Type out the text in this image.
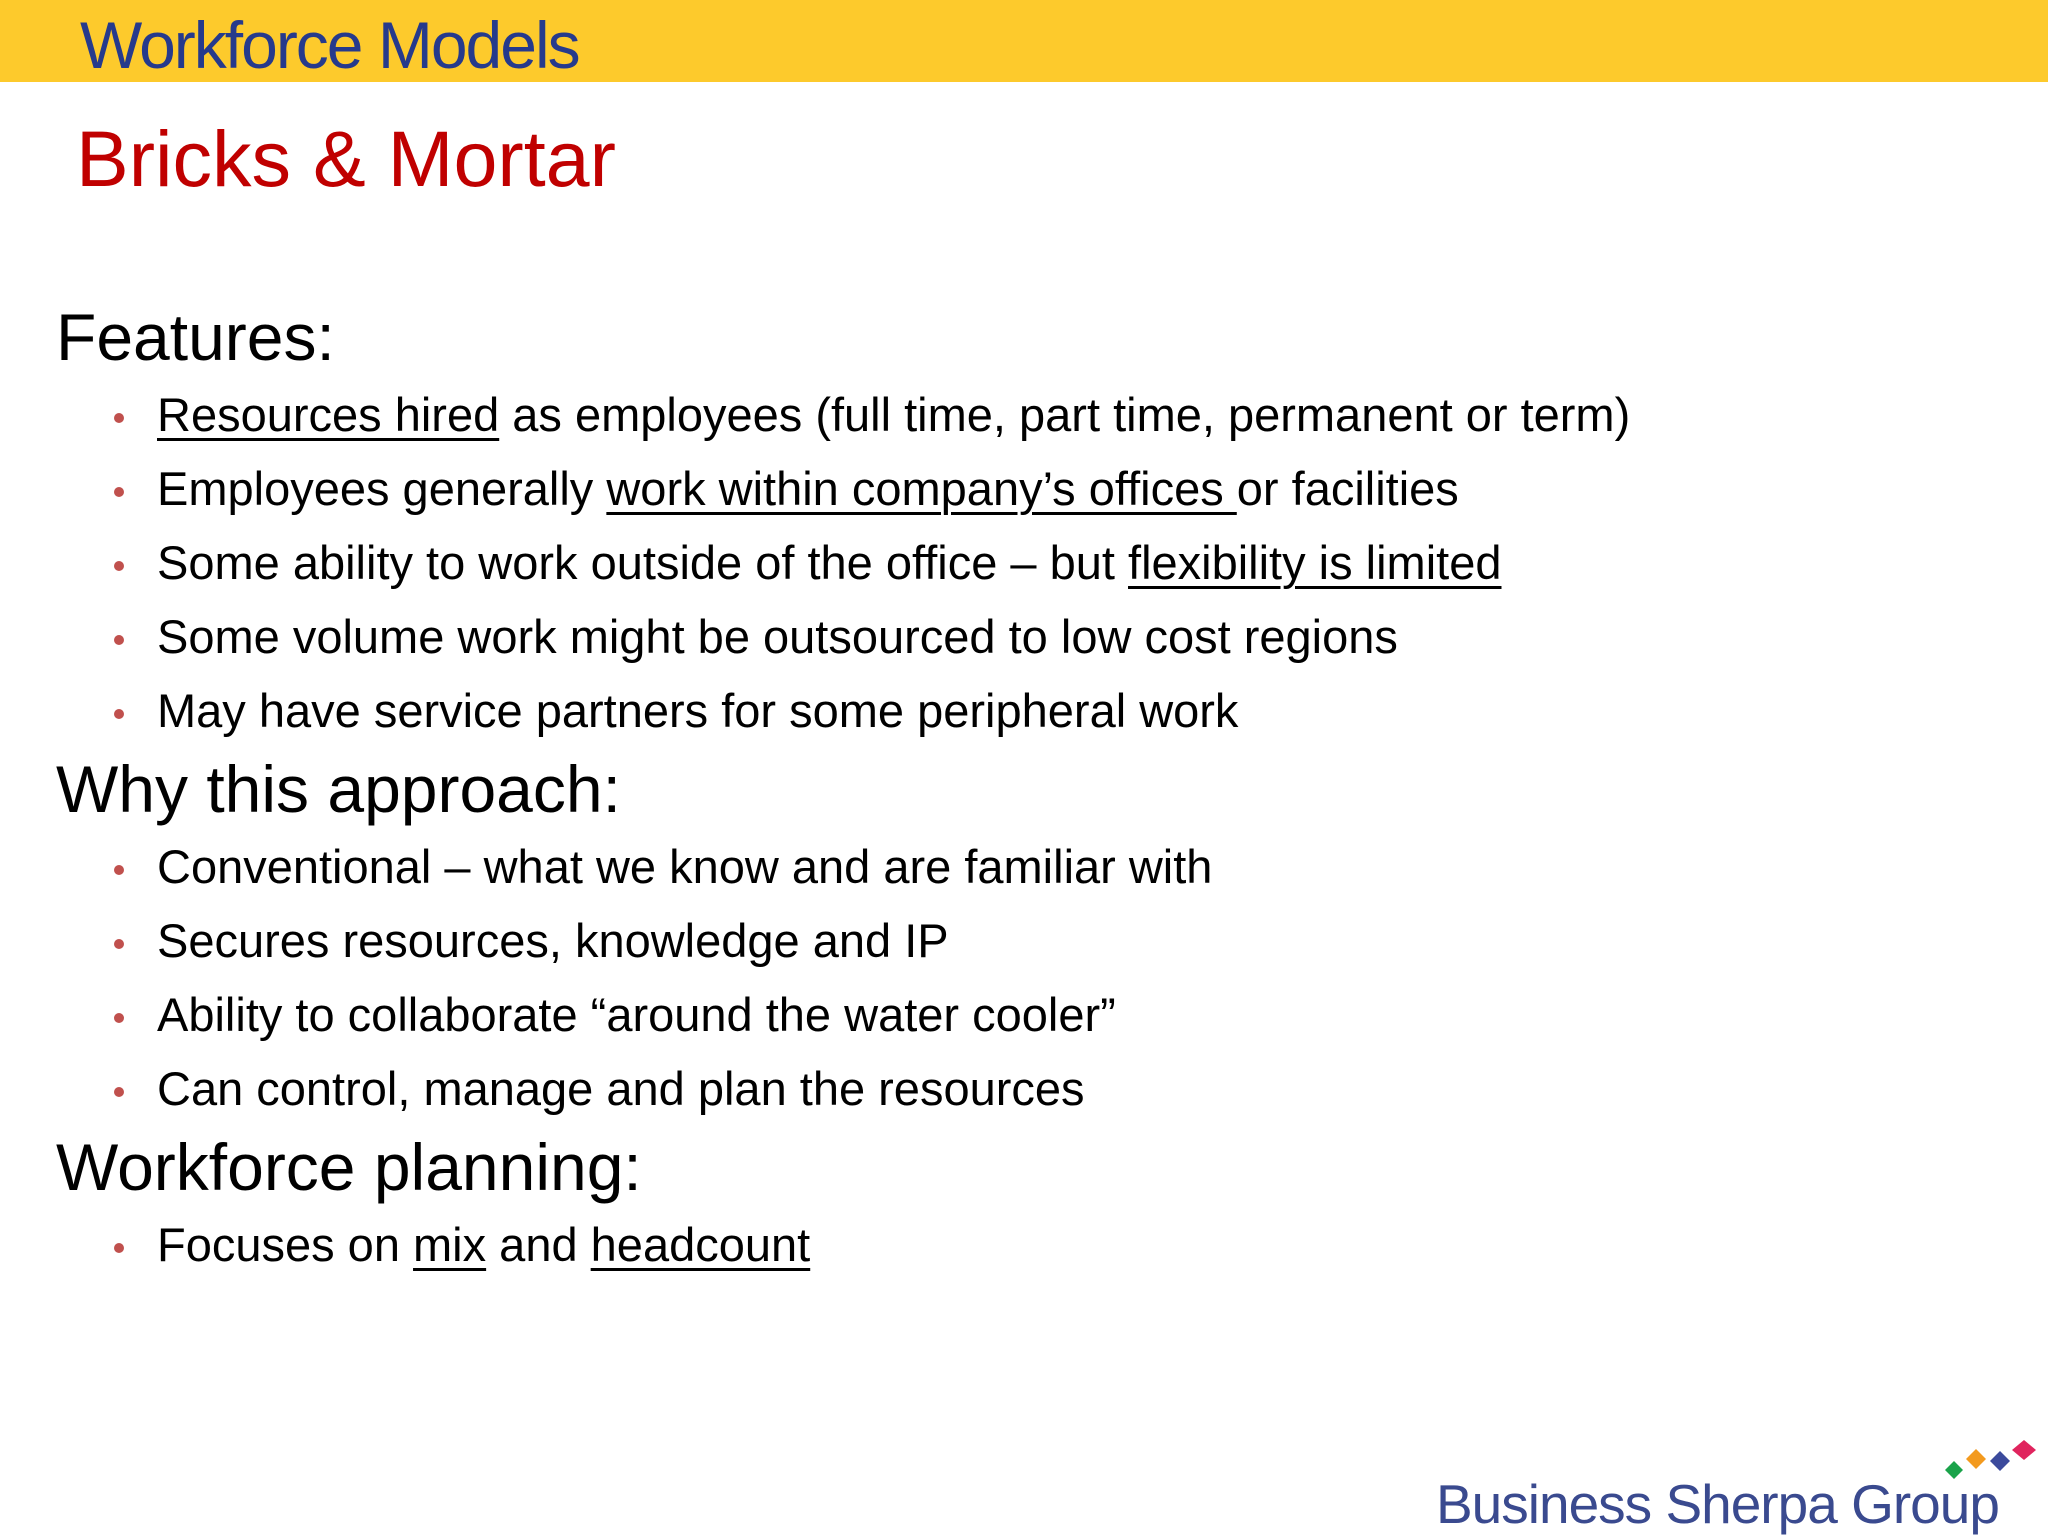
Workforce Models
Bricks & Mortar
Features:
Resources hired as employees (full time, part time, permanent or term)
Employees generally work within company’s offices or facilities
Some ability to work outside of the office – but flexibility is limited
Some volume work might be outsourced to low cost regions
May have service partners for some peripheral work
Why this approach:
Conventional – what we know and are familiar with
Secures resources, knowledge and IP
Ability to collaborate “around the water cooler”
Can control, manage and plan the resources
Workforce planning:
Focuses on mix and headcount
Business Sherpa Group
